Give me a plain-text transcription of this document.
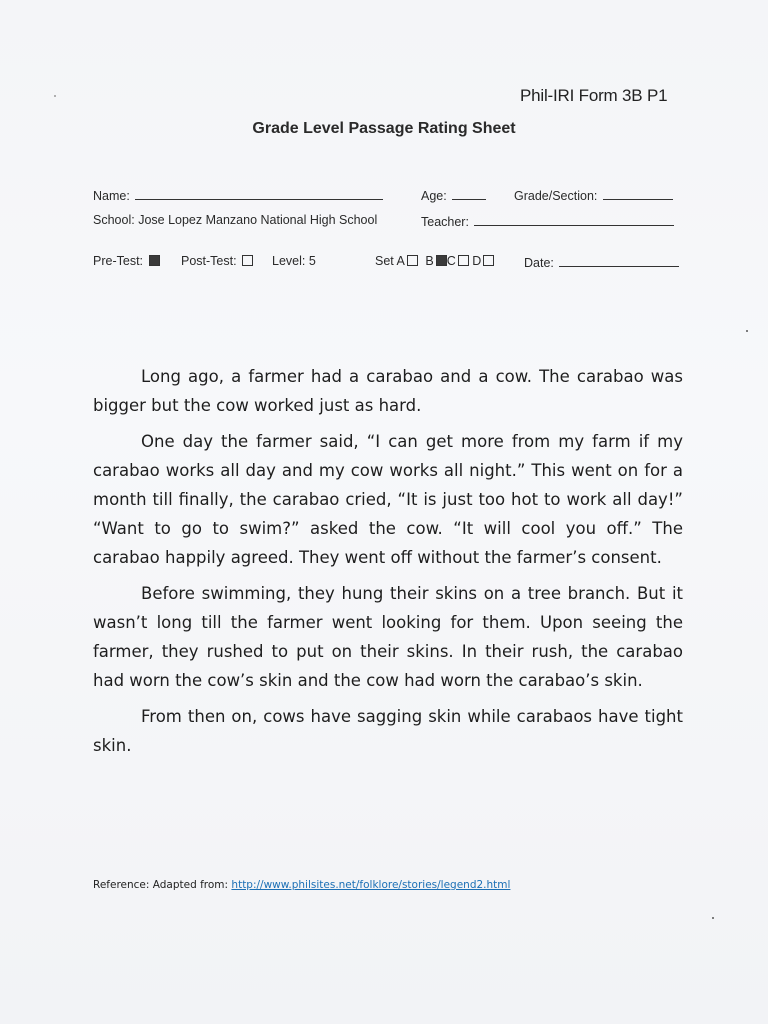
Phil-IRI Form 3B P1
Grade Level Passage Rating Sheet
Name:	Age:	Grade/Section:
School: Jose Lopez Manzano National High School	Teacher:
Pre-Test:	Post-Test:	Level: 5	Set A B C D	Date:

Long ago, a farmer had a carabao and a cow. The carabao was bigger but the cow worked just as hard.

One day the farmer said, “I can get more from my farm if my carabao works all day and my cow works all night.” This went on for a month till finally, the carabao cried, “It is just too hot to work all day!” “Want to go to swim?” asked the cow. “It will cool you off.” The carabao happily agreed. They went off without the farmer’s consent.

Before swimming, they hung their skins on a tree branch. But it wasn’t long till the farmer went looking for them. Upon seeing the farmer, they rushed to put on their skins. In their rush, the carabao had worn the cow’s skin and the cow had worn the carabao’s skin.

From then on, cows have sagging skin while carabaos have tight skin.

Reference: Adapted from: http://www.philsites.net/folklore/stories/legend2.html
